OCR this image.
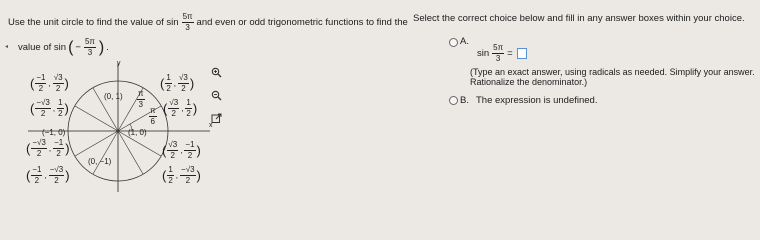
Use the unit circle to find the value of $\sin \frac{5\pi}{3}$ and even or odd trigonometric functions to find the
◂ value of sin ( − $\frac{5\pi}{3}$ ) .
y
x
(0, 1)
(−1, 0)	(1, 0)
(0, −1)
$\frac{\pi}{3}$
$\frac{\pi}{6}$
( $\frac{1}{2}$ , $\frac{√3}{2}$ )
( $\frac{√3}{2}$ , $\frac{1}{2}$ )
( $\frac{-1}{2}$ , $\frac{√3}{2}$ )
( $\frac{-√3}{2}$ , $\frac{1}{2}$ )
( $\frac{-√3}{2}$ , $\frac{-1}{2}$ )
( $\frac{-1}{2}$ , $\frac{-√3}{2}$ )
( $\frac{√3}{2}$ , $\frac{-1}{2}$ )
( $\frac{1}{2}$ , $\frac{-√3}{2}$ )
Select the correct choice below and fill in any answer boxes within your choice.
A.
$\sin \frac{5\pi}{3}$ =
(Type an exact answer, using radicals as needed. Simplify your answer.
Rationalize the denominator.)
B. The expression is undefined.
